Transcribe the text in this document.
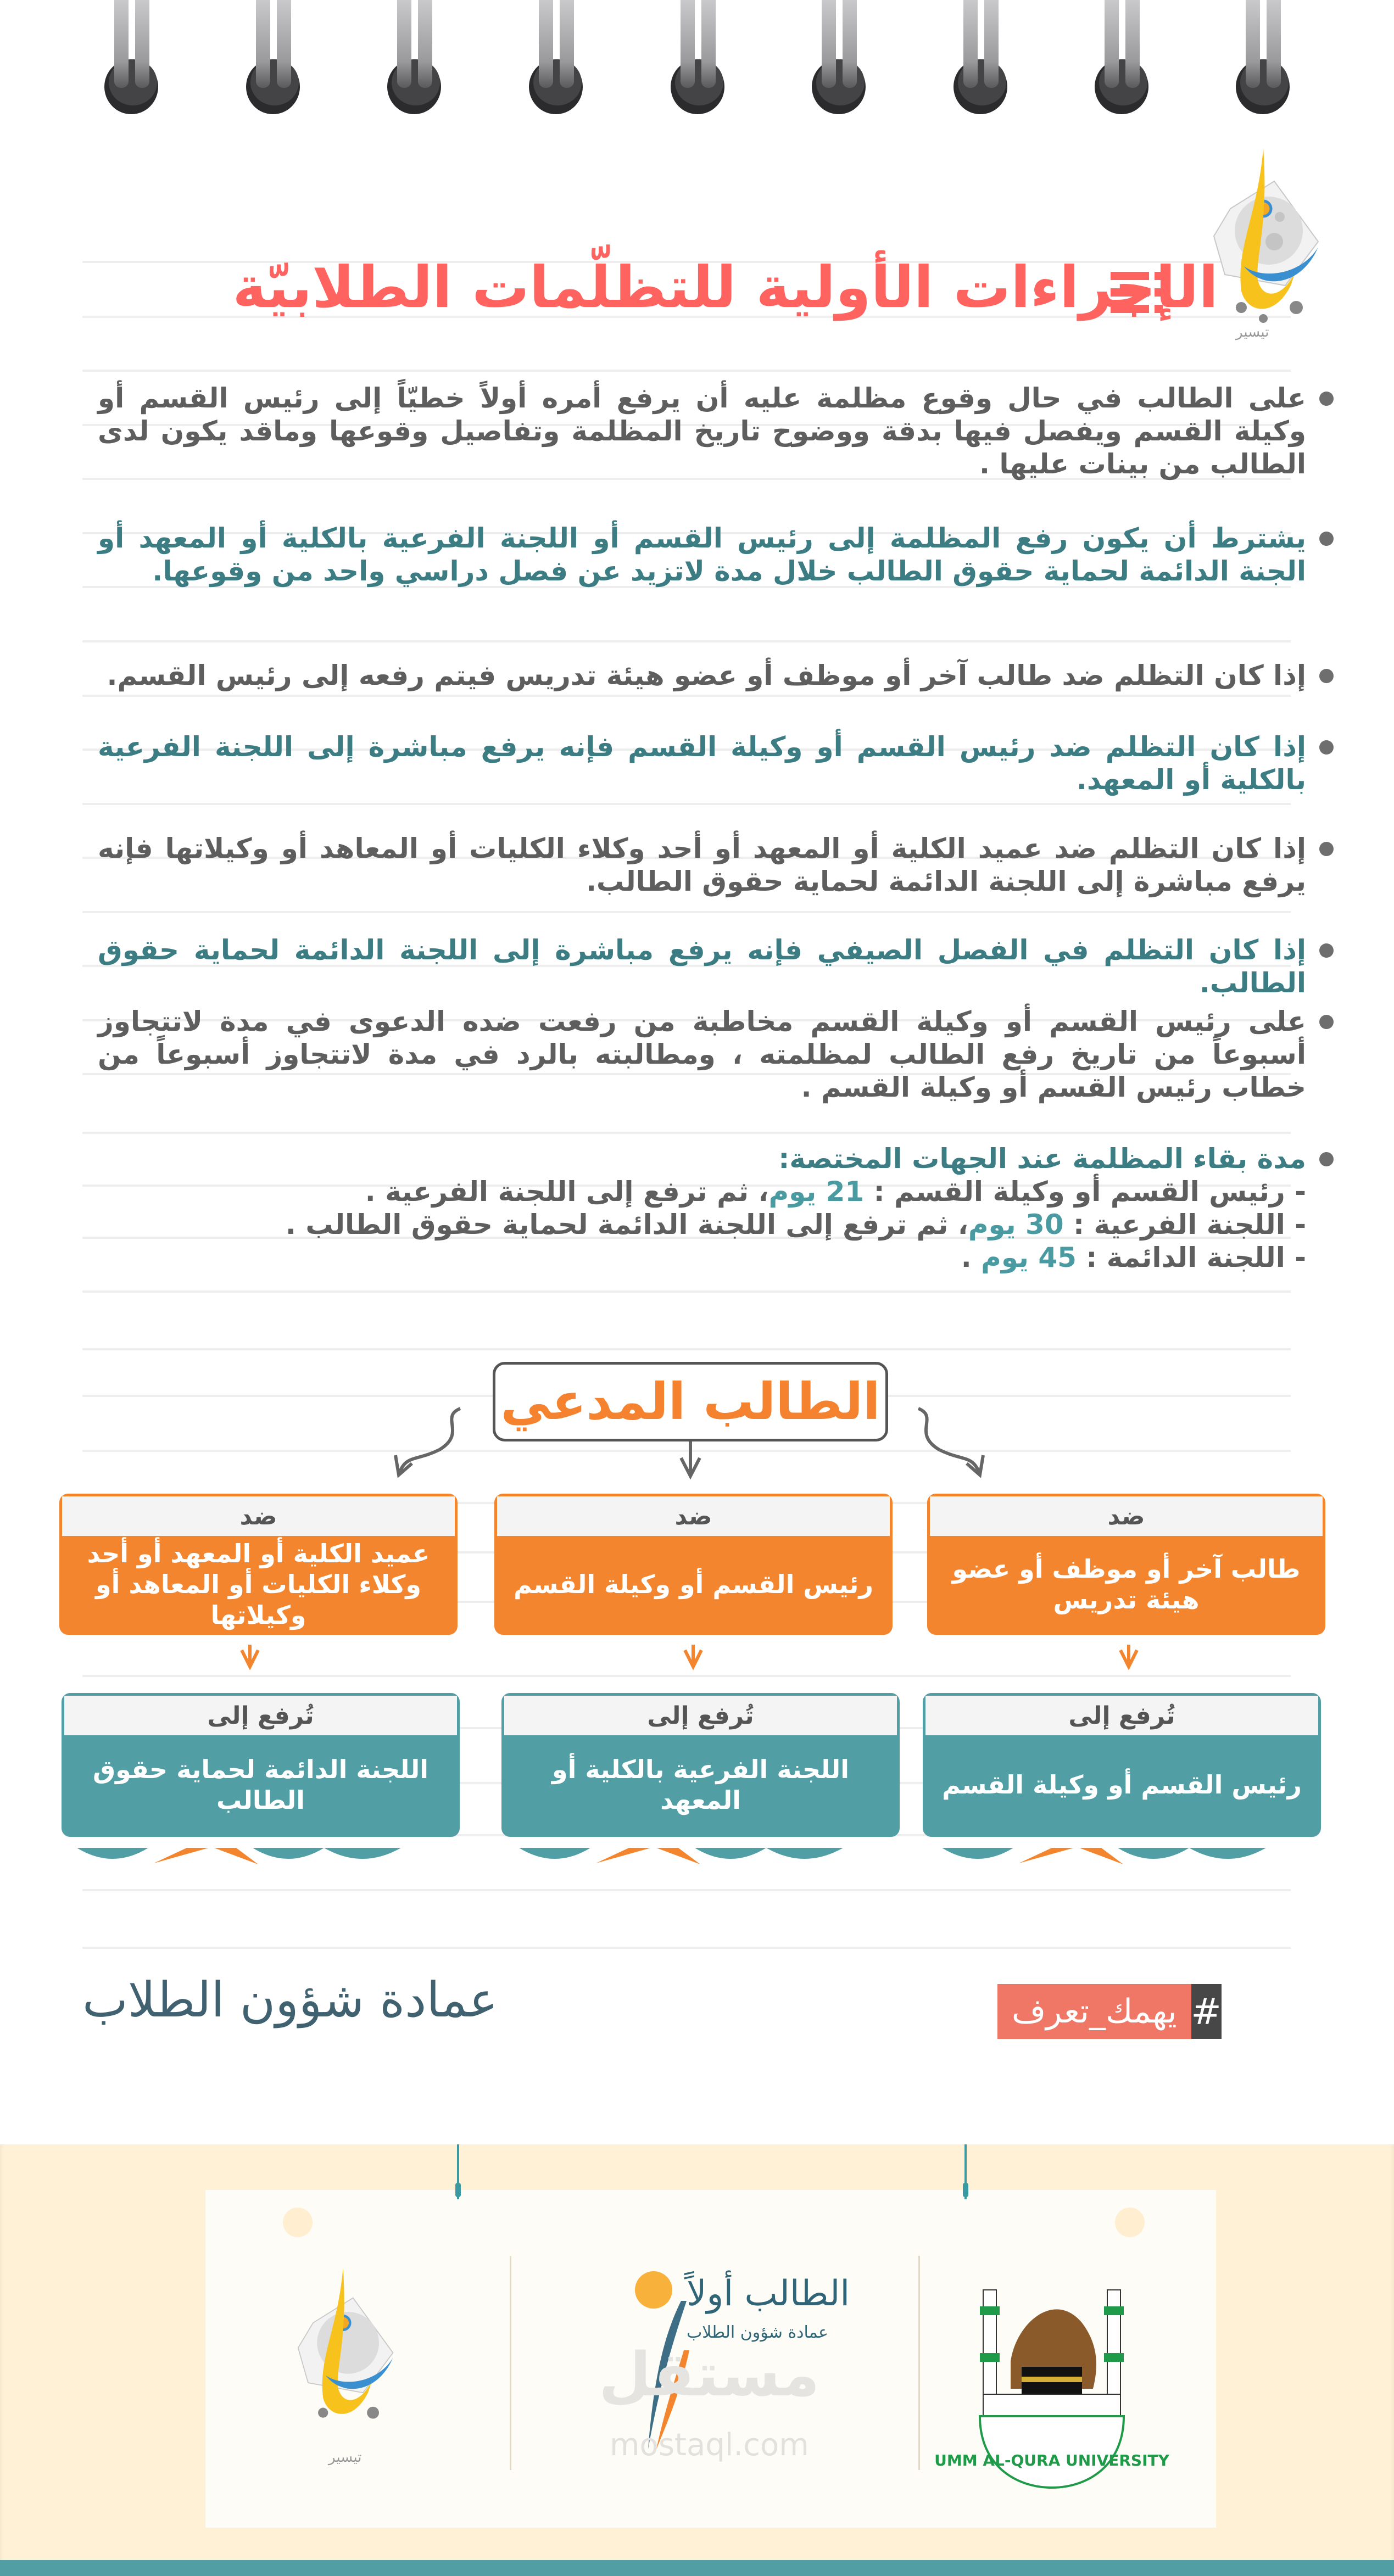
تيسير
الإجراءات الأولية للتظلّمات الطلابيّة
على الطالب في حال وقوع مظلمة عليه أن يرفع أمره أولاً خطيّاً إلى رئيس القسم أو وكيلة القسم ويفصل فيها بدقة ووضوح تاريخ المظلمة وتفاصيل وقوعها وماقد يكون لدى الطالب من بينات عليها .
يشترط أن يكون رفع المظلمة إلى رئيس القسم أو اللجنة الفرعية بالكلية أو المعهد أو الجنة الدائمة لحماية حقوق الطالب خلال مدة لاتزيد عن فصل دراسي واحد من وقوعها.
إذا كان التظلم ضد طالب آخر أو موظف أو عضو هيئة تدريس فيتم رفعه إلى رئيس القسم.
إذا كان التظلم ضد رئيس القسم أو وكيلة القسم فإنه يرفع مباشرة إلى اللجنة الفرعية بالكلية أو المعهد.
إذا كان التظلم ضد عميد الكلية أو المعهد أو أحد وكلاء الكليات أو المعاهد أو وكيلاتها فإنه يرفع مباشرة إلى اللجنة الدائمة لحماية حقوق الطالب.
إذا كان التظلم في الفصل الصيفي فإنه يرفع مباشرة إلى اللجنة الدائمة لحماية حقوق الطالب.
على رئيس القسم أو وكيلة القسم مخاطبة من رفعت ضده الدعوى في مدة لاتتجاوز أسبوعاً من تاريخ رفع الطالب لمظلمته ، ومطالبته بالرد في مدة لاتتجاوز أسبوعاً من خطاب رئيس القسم أو وكيلة القسم .
مدة بقاء المظلمة عند الجهات المختصة:
- رئيس القسم أو وكيلة القسم : 21 يوم، ثم ترفع إلى اللجنة الفرعية .
- اللجنة الفرعية : 30 يوم، ثم ترفع إلى اللجنة الدائمة لحماية حقوق الطالب .
- اللجنة الدائمة : 45 يوم .
الطالب المدعي
ضد
طالب آخر أو موظف أو عضو هيئة تدريس
ضد
رئيس القسم أو وكيلة القسم
ضد
عميد الكلية أو المعهد أو أحد وكلاء الكليات أو المعاهد أو وكيلاتها
تُرفع إلى
رئيس القسم أو وكيلة القسم
تُرفع إلى
اللجنة الفرعية بالكلية أو المعهد
تُرفع إلى
اللجنة الدائمة لحماية حقوق الطالب
يهمك_تعرف #
عمادة شؤون الطلاب
UMM AL-QURA UNIVERSITY
الطالب أولاً
عمادة شؤون الطلاب
تيسير
مستقل
mostaql.com
